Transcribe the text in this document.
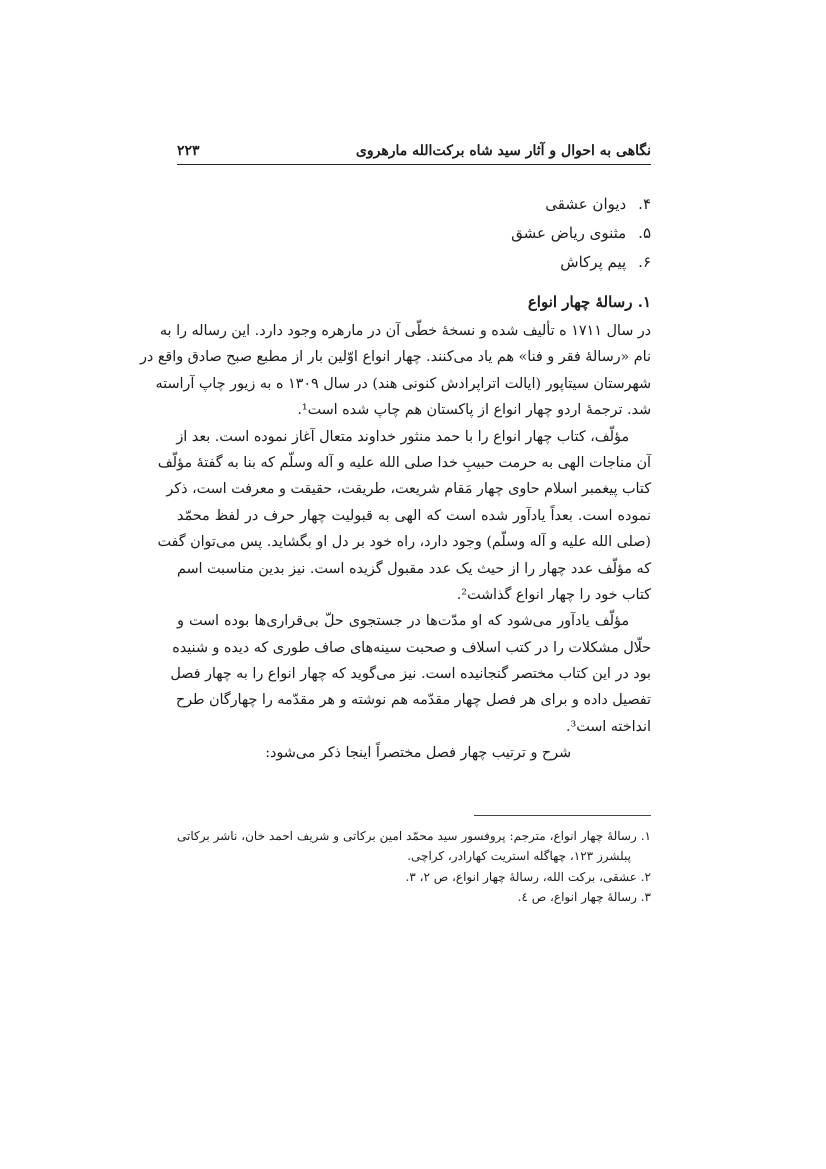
نگاهی به احوال و آثار سید شاه برکت‌الله مارهروی
۲۲۳
۴. دیوان عشقی
۵. مثنوی ریاض عشق
۶. پیم پرکاش
۱. رسالهٔ چهار انواع
در سال ۱۷۱۱ ه تألیف شده و نسخهٔ خطّی آن در مارهره وجود دارد. این رساله را به
نام «رسالهٔ فقر و فنا» هم یاد می‌کنند. چهار انواع اوّلین بار از مطبع صبح صادق واقع در
شهرستان سیتاپور (ایالت اتراپرادش کنونی هند) در سال ۱۳۰۹ ه به زیور چاپ آراسته
شد. ترجمهٔ اردو چهار انواع از پاکستان هم چاپ شده است¹.
مؤلّف، کتاب چهار انواع را با حمد منثور خداوند متعال آغاز نموده است. بعد از
آن مناجات الهی به حرمت حبیبِ خدا صلی الله علیه و آله وسلّم که بنا به گفتهٔ مؤلّف
کتاب پیغمبر اسلام حاوی چهار مَقام شریعت، طریقت، حقیقت و معرفت است، ذکر
نموده است. بعداً یادآور شده است که الهی به قبولیت چهار حرف در لفظ محمّد
(صلی الله علیه و آله وسلّم) وجود دارد، راه خود بر دل او بگشاید. پس می‌توان گفت
که مؤلّف عدد چهار را از حیث یک عدد مقبول گزیده است. نیز بدین مناسبت اسم
کتاب خود را چهار انواع گذاشت².
مؤلّف یادآور می‌شود که او مدّت‌ها در جستجوی حلّ بی‌قراری‌ها بوده است و
حلّال مشکلات را در کتب اسلاف و صحبت سینه‌های صاف طوری که دیده و شنیده
بود در این کتاب مختصر گنجانیده است. نیز می‌گوید که چهار انواع را به چهار فصل
تفصیل داده و برای هر فصل چهار مقدّمه هم نوشته و هر مقدّمه را چهارگان طرح
انداخته است³.
شرح و ترتیب چهار فصل مختصراً اینجا ذکر می‌شود:
۱. رسالهٔ چهار انواع، مترجم: پروفسور سید محمّد امین برکاتی و شریف احمد خان، ناشر برکاتی
پبلشرز ۱۲۳، چهاگله استریت کهارادر، کراچی.
۲. عشقی، برکت الله، رسالهٔ چهار انواع، ص ۲، ۳.
۳. رسالهٔ چهار انواع، ص ٤.
